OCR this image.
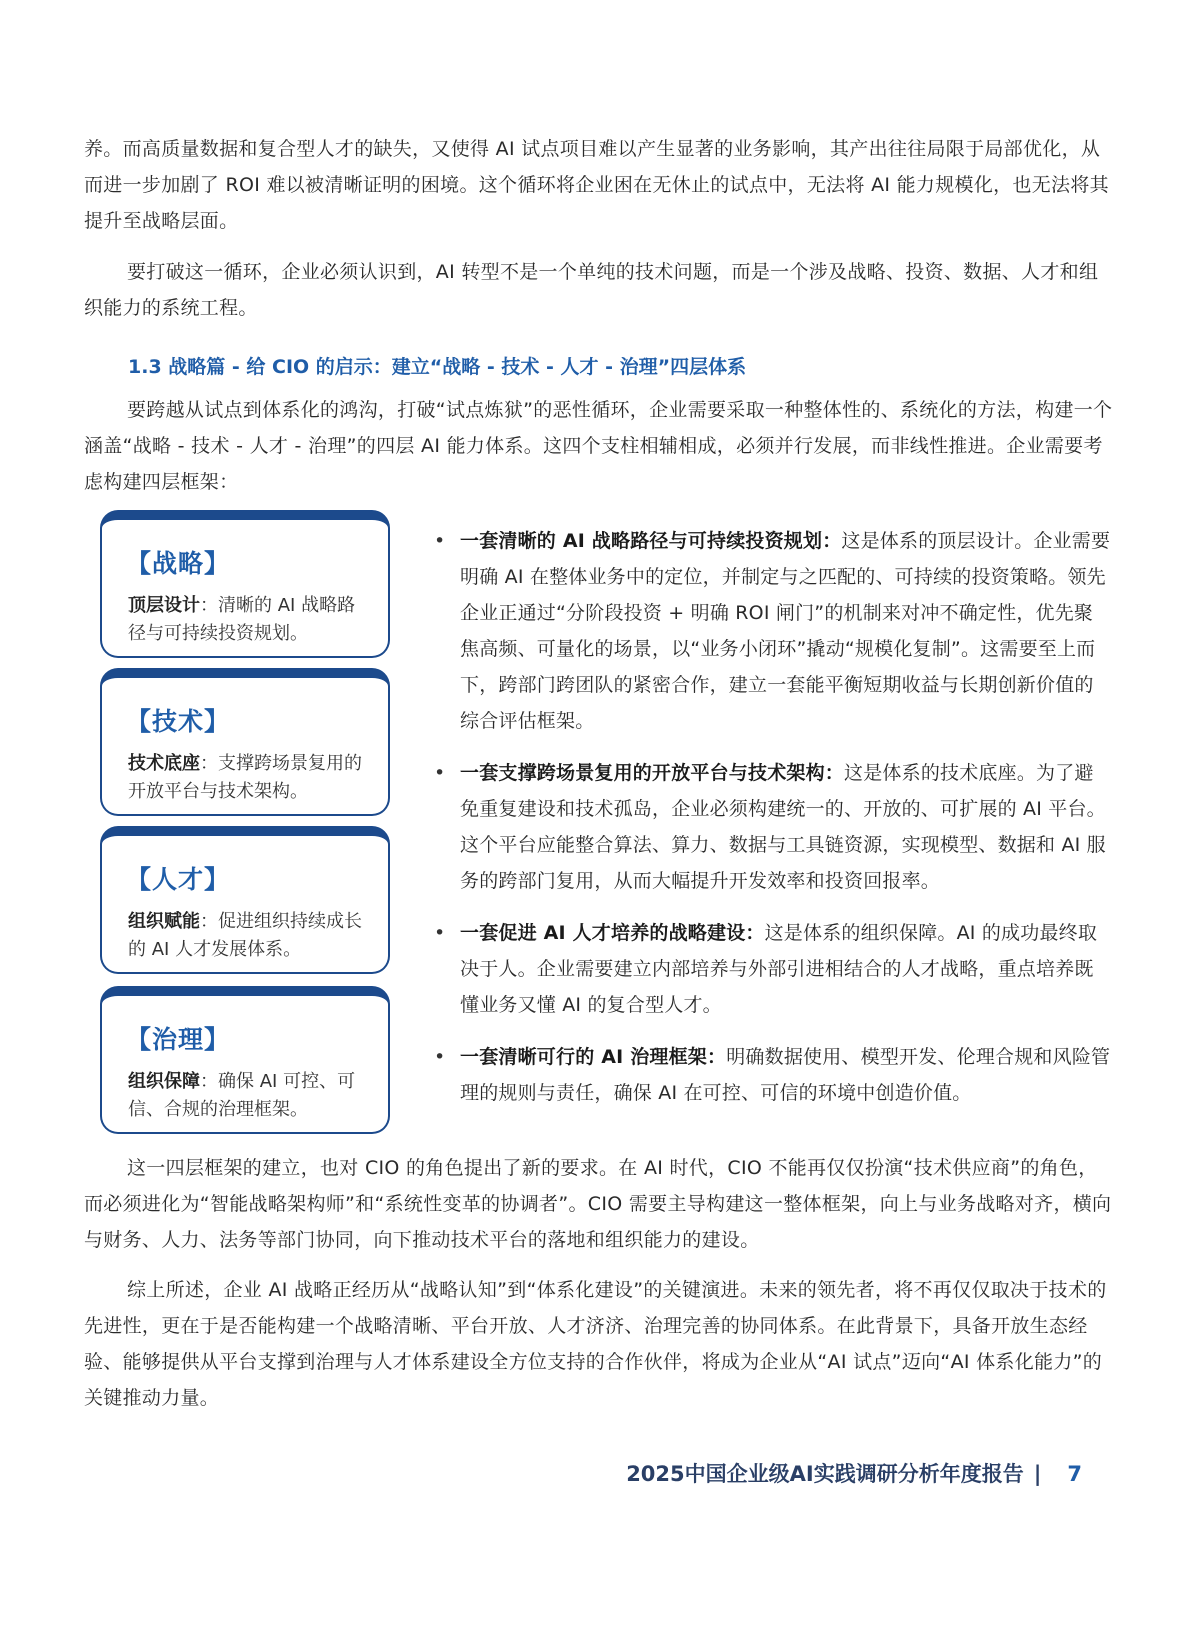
养。而高质量数据和复合型人才的缺失，又使得 AI 试点项目难以产生显著的业务影响，其产出往往局限于局部优化，从而进一步加剧了 ROI 难以被清晰证明的困境。这个循环将企业困在无休止的试点中，无法将 AI 能力规模化，也无法将其提升至战略层面。

要打破这一循环，企业必须认识到，AI 转型不是一个单纯的技术问题，而是一个涉及战略、投资、数据、人才和组织能力的系统工程。

1.3 战略篇 - 给 CIO 的启示：建立“战略 - 技术 - 人才 - 治理”四层体系

要跨越从试点到体系化的鸿沟，打破“试点炼狱”的恶性循环，企业需要采取一种整体性的、系统化的方法，构建一个涵盖“战略 - 技术 - 人才 - 治理”的四层 AI 能力体系。这四个支柱相辅相成，必须并行发展，而非线性推进。企业需要考虑构建四层框架：

【战略】
顶层设计：清晰的 AI 战略路径与可持续投资规划。
【技术】
技术底座：支撑跨场景复用的开放平台与技术架构。
【人才】
组织赋能：促进组织持续成长的 AI 人才发展体系。
【治理】
组织保障：确保 AI 可控、可信、合规的治理框架。
• 一套清晰的 AI 战略路径与可持续投资规划：这是体系的顶层设计。企业需要明确 AI 在整体业务中的定位，并制定与之匹配的、可持续的投资策略。领先企业正通过“分阶段投资 + 明确 ROI 闸门”的机制来对冲不确定性，优先聚焦高频、可量化的场景，以“业务小闭环”撬动“规模化复制”。这需要至上而下，跨部门跨团队的紧密合作，建立一套能平衡短期收益与长期创新价值的综合评估框架。
• 一套支撑跨场景复用的开放平台与技术架构：这是体系的技术底座。为了避免重复建设和技术孤岛，企业必须构建统一的、开放的、可扩展的 AI 平台。这个平台应能整合算法、算力、数据与工具链资源，实现模型、数据和 AI 服务的跨部门复用，从而大幅提升开发效率和投资回报率。
• 一套促进 AI 人才培养的战略建设：这是体系的组织保障。AI 的成功最终取决于人。企业需要建立内部培养与外部引进相结合的人才战略，重点培养既懂业务又懂 AI 的复合型人才。
• 一套清晰可行的 AI 治理框架：明确数据使用、模型开发、伦理合规和风险管理的规则与责任，确保 AI 在可控、可信的环境中创造价值。

这一四层框架的建立，也对 CIO 的角色提出了新的要求。在 AI 时代，CIO 不能再仅仅扮演“技术供应商”的角色，而必须进化为“智能战略架构师”和“系统性变革的协调者”。CIO 需要主导构建这一整体框架，向上与业务战略对齐，横向与财务、人力、法务等部门协同，向下推动技术平台的落地和组织能力的建设。

综上所述，企业 AI 战略正经历从“战略认知”到“体系化建设”的关键演进。未来的领先者，将不再仅仅取决于技术的先进性，更在于是否能构建一个战略清晰、平台开放、人才济济、治理完善的协同体系。在此背景下，具备开放生态经验、能够提供从平台支撑到治理与人才体系建设全方位支持的合作伙伴，将成为企业从“AI 试点”迈向“AI 体系化能力”的关键推动力量。

2025中国企业级AI实践调研分析年度报告 | 7
